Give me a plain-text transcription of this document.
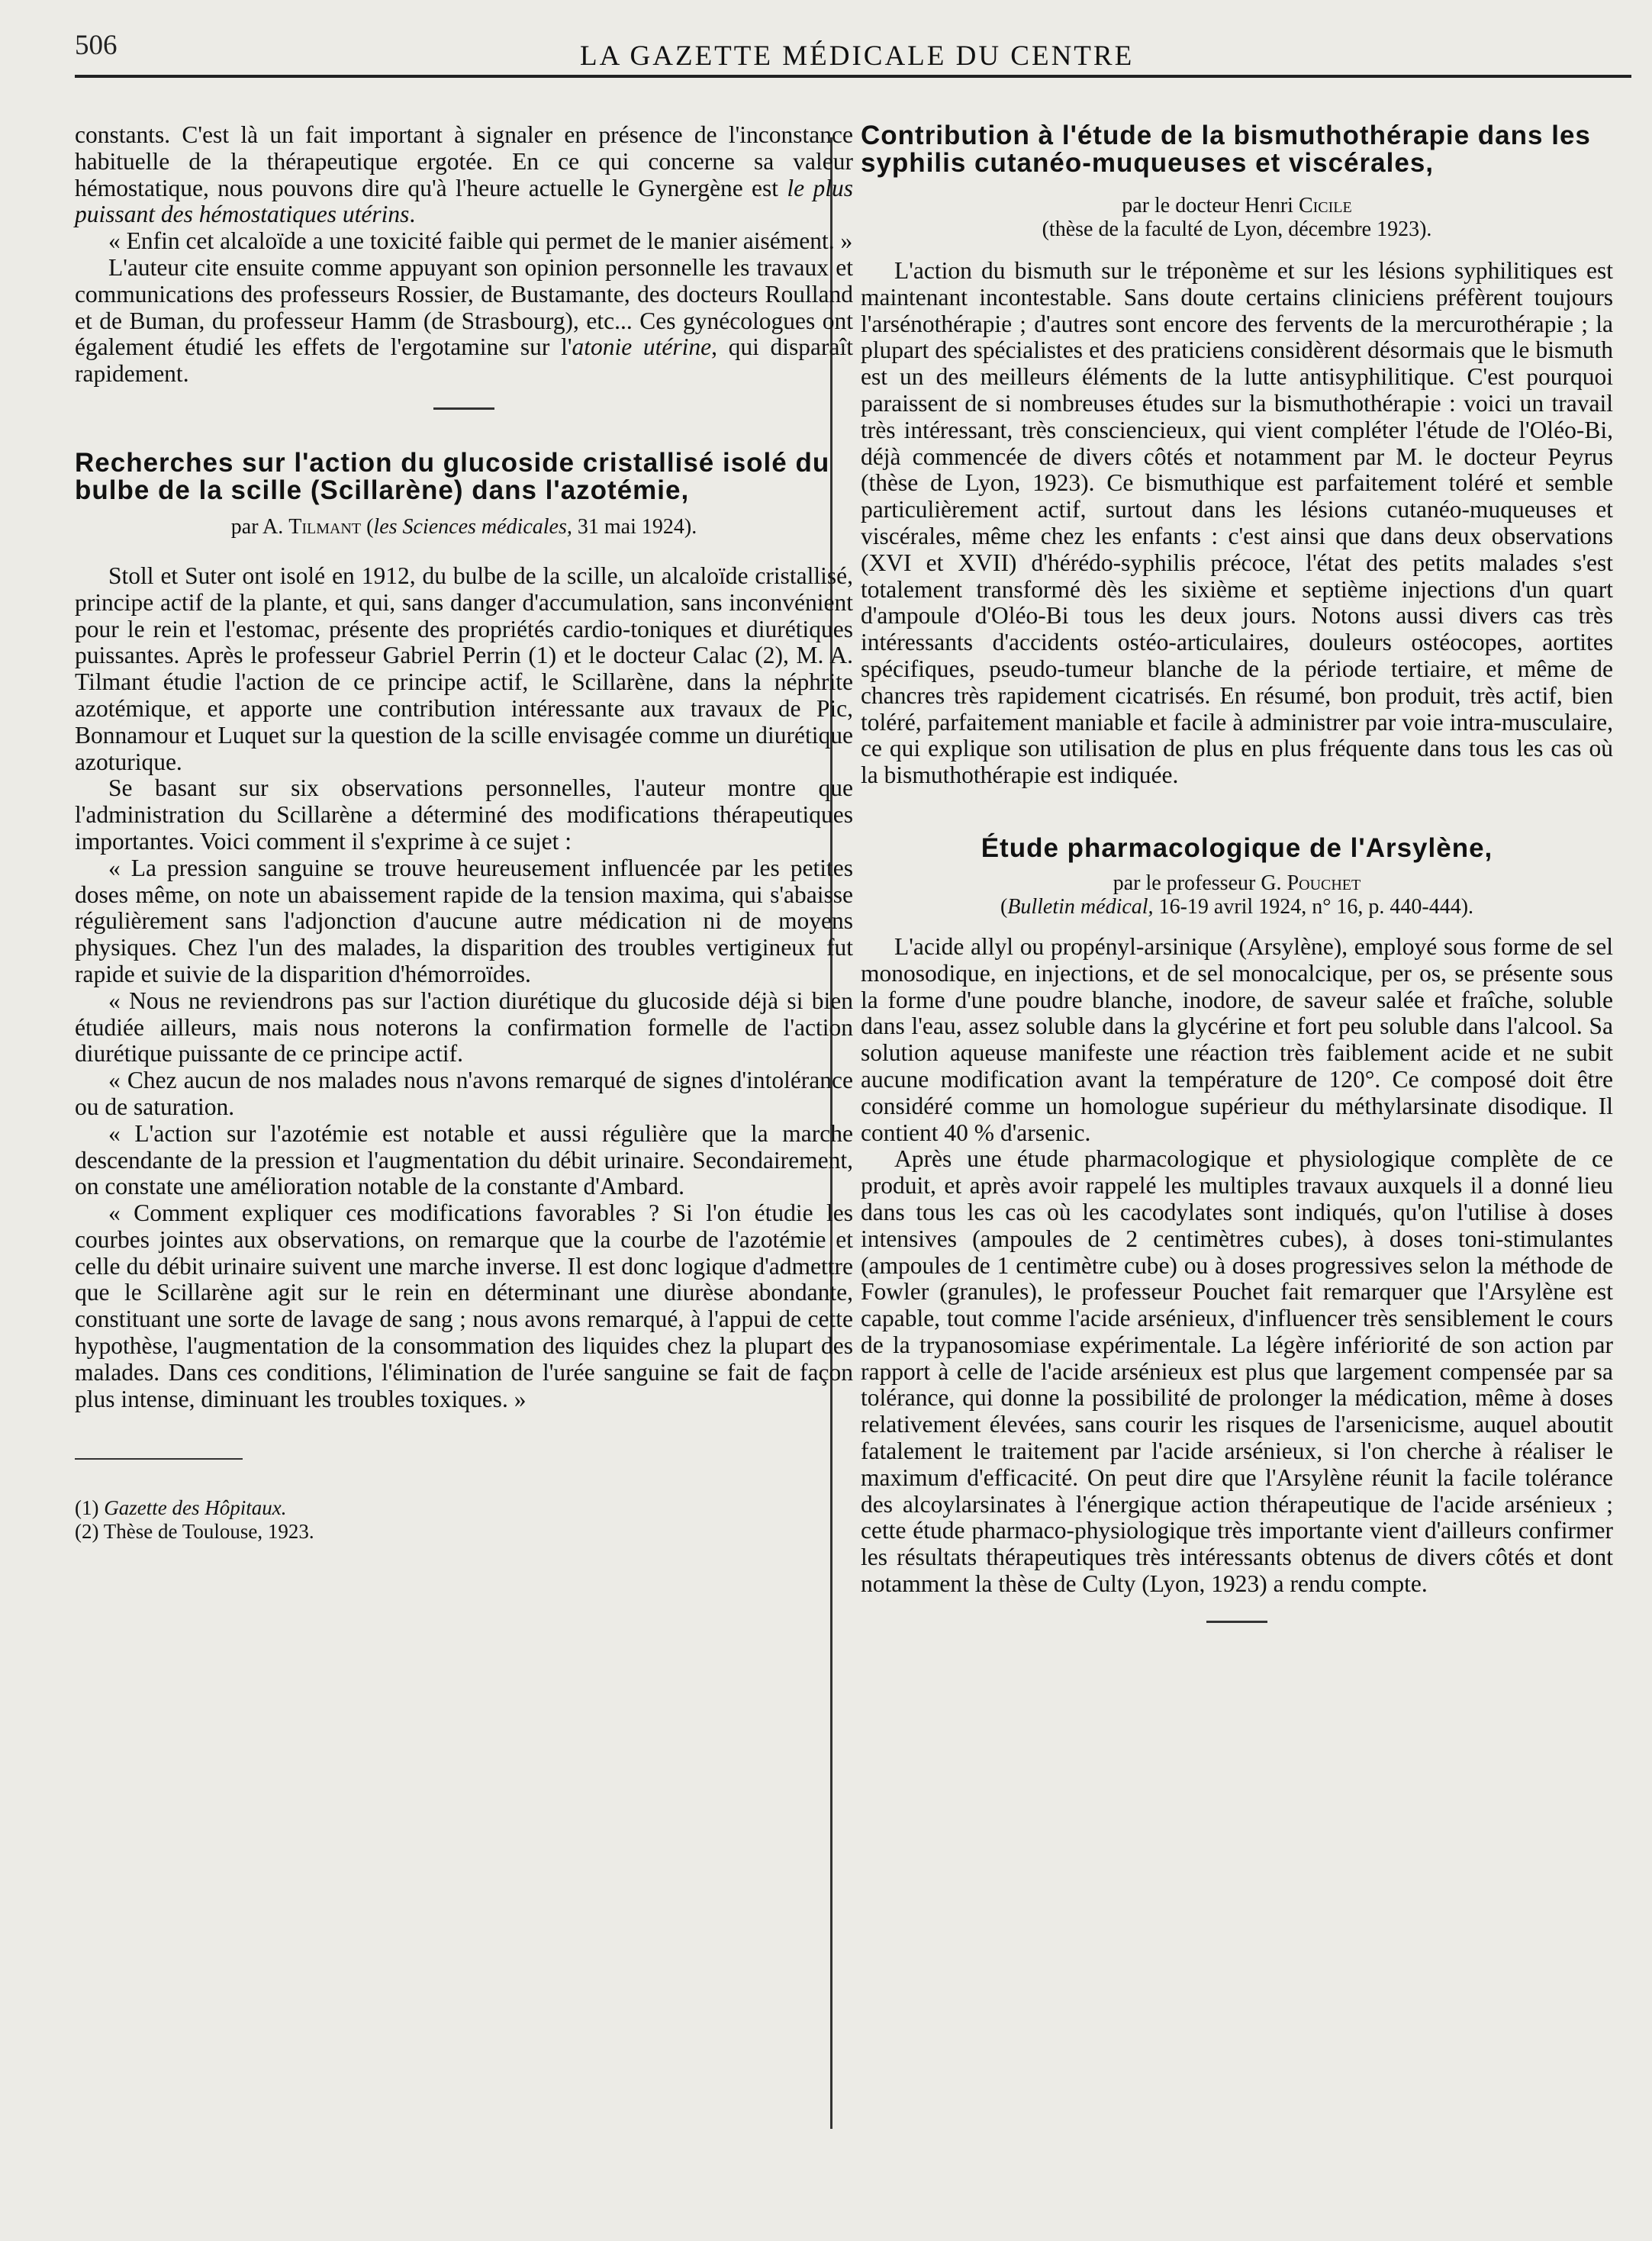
506	LA GAZETTE MÉDICALE DU CENTRE

constants. C'est là un fait important à signaler en présence de l'inconstance habituelle de la thérapeutique ergotée. En ce qui concerne sa valeur hémostatique, nous pouvons dire qu'à l'heure actuelle le Gynergène est le plus puissant des hémostatiques utérins.

« Enfin cet alcaloïde a une toxicité faible qui permet de le manier aisément. »

L'auteur cite ensuite comme appuyant son opinion personnelle les travaux et communications des professeurs Rossier, de Bustamante, des docteurs Roulland et de Buman, du professeur Hamm (de Strasbourg), etc... Ces gynécologues ont également étudié les effets de l'ergotamine sur l'atonie utérine, qui disparaît rapidement.

Recherches sur l'action du glucoside cristallisé isolé du bulbe de la scille (Scillarène) dans l'azotémie,

par A. Tilmant (les Sciences médicales, 31 mai 1924).

Stoll et Suter ont isolé en 1912, du bulbe de la scille, un alcaloïde cristallisé, principe actif de la plante, et qui, sans danger d'accumulation, sans inconvénient pour le rein et l'estomac, présente des propriétés cardio-toniques et diurétiques puissantes. Après le professeur Gabriel Perrin (1) et le docteur Calac (2), M. A. Tilmant étudie l'action de ce principe actif, le Scillarène, dans la néphrite azotémique, et apporte une contribution intéressante aux travaux de Pic, Bonnamour et Luquet sur la question de la scille envisagée comme un diurétique azoturique.

Se basant sur six observations personnelles, l'auteur montre que l'administration du Scillarène a déterminé des modifications thérapeutiques importantes. Voici comment il s'exprime à ce sujet :

« La pression sanguine se trouve heureusement influencée par les petites doses même, on note un abaissement rapide de la tension maxima, qui s'abaisse régulièrement sans l'adjonction d'aucune autre médication ni de moyens physiques. Chez l'un des malades, la disparition des troubles vertigineux fut rapide et suivie de la disparition d'hémorroïdes.

« Nous ne reviendrons pas sur l'action diurétique du glucoside déjà si bien étudiée ailleurs, mais nous noterons la confirmation formelle de l'action diurétique puissante de ce principe actif.

« Chez aucun de nos malades nous n'avons remarqué de signes d'intolérance ou de saturation.

« L'action sur l'azotémie est notable et aussi régulière que la marche descendante de la pression et l'augmentation du débit urinaire. Secondairement, on constate une amélioration notable de la constante d'Ambard.

« Comment expliquer ces modifications favorables ? Si l'on étudie les courbes jointes aux observations, on remarque que la courbe de l'azotémie et celle du débit urinaire suivent une marche inverse. Il est donc logique d'admettre que le Scillarène agit sur le rein en déterminant une diurèse abondante, constituant une sorte de lavage de sang ; nous avons remarqué, à l'appui de cette hypothèse, l'augmentation de la consommation des liquides chez la plupart des malades. Dans ces conditions, l'élimination de l'urée sanguine se fait de façon plus intense, diminuant les troubles toxiques. »

(1) Gazette des Hôpitaux.

(2) Thèse de Toulouse, 1923.

Contribution à l'étude de la bismuthothérapie dans les syphilis cutanéo-muqueuses et viscérales,

par le docteur Henri Cicile

(thèse de la faculté de Lyon, décembre 1923).

L'action du bismuth sur le tréponème et sur les lésions syphilitiques est maintenant incontestable. Sans doute certains cliniciens préfèrent toujours l'arsénothérapie ; d'autres sont encore des fervents de la mercurothérapie ; la plupart des spécialistes et des praticiens considèrent désormais que le bismuth est un des meilleurs éléments de la lutte antisyphilitique. C'est pourquoi paraissent de si nombreuses études sur la bismuthothérapie : voici un travail très intéressant, très consciencieux, qui vient compléter l'étude de l'Oléo-Bi, déjà commencée de divers côtés et notamment par M. le docteur Peyrus (thèse de Lyon, 1923). Ce bismuthique est parfaitement toléré et semble particulièrement actif, surtout dans les lésions cutanéo-muqueuses et viscérales, même chez les enfants : c'est ainsi que dans deux observations (XVI et XVII) d'hérédo-syphilis précoce, l'état des petits malades s'est totalement transformé dès les sixième et septième injections d'un quart d'ampoule d'Oléo-Bi tous les deux jours. Notons aussi divers cas très intéressants d'accidents ostéo-articulaires, douleurs ostéocopes, aortites spécifiques, pseudo-tumeur blanche de la période tertiaire, et même de chancres très rapidement cicatrisés. En résumé, bon produit, très actif, bien toléré, parfaitement maniable et facile à administrer par voie intra-musculaire, ce qui explique son utilisation de plus en plus fréquente dans tous les cas où la bismuthothérapie est indiquée.

Étude pharmacologique de l'Arsylène,

par le professeur G. Pouchet

(Bulletin médical, 16-19 avril 1924, n° 16, p. 440-444).

L'acide allyl ou propényl-arsinique (Arsylène), employé sous forme de sel monosodique, en injections, et de sel monocalcique, per os, se présente sous la forme d'une poudre blanche, inodore, de saveur salée et fraîche, soluble dans l'eau, assez soluble dans la glycérine et fort peu soluble dans l'alcool. Sa solution aqueuse manifeste une réaction très faiblement acide et ne subit aucune modification avant la température de 120°. Ce composé doit être considéré comme un homologue supérieur du méthylarsinate disodique. Il contient 40 % d'arsenic.

Après une étude pharmacologique et physiologique complète de ce produit, et après avoir rappelé les multiples travaux auxquels il a donné lieu dans tous les cas où les cacodylates sont indiqués, qu'on l'utilise à doses intensives (ampoules de 2 centimètres cubes), à doses toni-stimulantes (ampoules de 1 centimètre cube) ou à doses progressives selon la méthode de Fowler (granules), le professeur Pouchet fait remarquer que l'Arsylène est capable, tout comme l'acide arsénieux, d'influencer très sensiblement le cours de la trypanosomiase expérimentale. La légère infériorité de son action par rapport à celle de l'acide arsénieux est plus que largement compensée par sa tolérance, qui donne la possibilité de prolonger la médication, même à doses relativement élevées, sans courir les risques de l'arsenicisme, auquel aboutit fatalement le traitement par l'acide arsénieux, si l'on cherche à réaliser le maximum d'efficacité. On peut dire que l'Arsylène réunit la facile tolérance des alcoylarsinates à l'énergique action thérapeutique de l'acide arsénieux ; cette étude pharmaco-physiologique très importante vient d'ailleurs confirmer les résultats thérapeutiques très intéressants obtenus de divers côtés et dont notamment la thèse de Culty (Lyon, 1923) a rendu compte.
